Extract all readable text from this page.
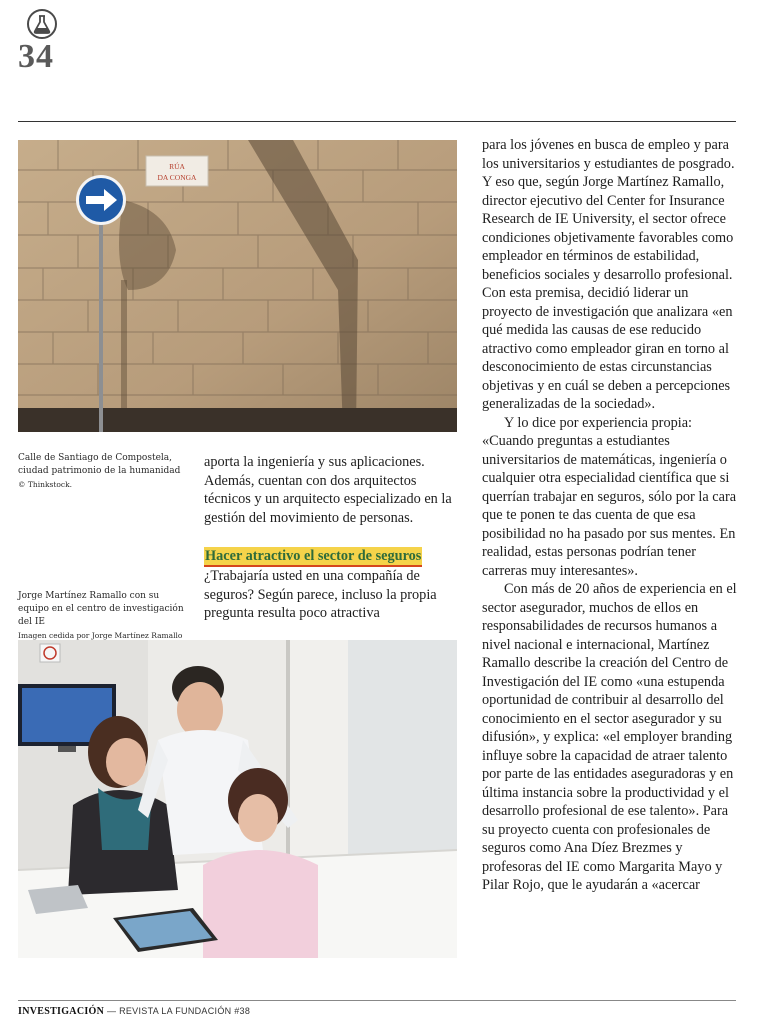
34
RÚA
DA CONGA
Calle de Santiago de Compostela, ciudad patrimonio de la humanidad
© Thinkstock.

aporta la ingeniería y sus aplicaciones. Además, cuentan con dos arquitectos técnicos y un arquitecto especializado en la gestión del movimiento de personas.

Hacer atractivo el sector de seguros

¿Trabajaría usted en una compañía de seguros? Según parece, incluso la propia pregunta resulta poco atractiva

Jorge Martínez Ramallo con su equipo en el centro de investigación del IE
Imagen cedida por Jorge Martínez Ramallo

para los jóvenes en busca de empleo y para los universitarios y estudiantes de posgrado. Y eso que, según Jorge Martínez Ramallo, director ejecutivo del Center for Insurance Research de IE University, el sector ofrece condiciones objetivamente favorables como empleador en términos de estabilidad, beneficios sociales y desarrollo profesional. Con esta premisa, decidió liderar un proyecto de investigación que analizara «en qué medida las causas de ese reducido atractivo como empleador giran en torno al desconocimiento de estas circunstancias objetivas y en cuál se deben a percepciones generalizadas de la sociedad».

Y lo dice por experiencia propia: «Cuando preguntas a estudiantes universitarios de matemáticas, ingeniería o cualquier otra especialidad científica que si querrían trabajar en seguros, sólo por la cara que te ponen te das cuenta de que esa posibilidad no ha pasado por sus mentes. En realidad, estas personas podrían tener carreras muy interesantes».

Con más de 20 años de experiencia en el sector asegurador, muchos de ellos en responsabilidades de recursos humanos a nivel nacional e internacional, Martínez Ramallo describe la creación del Centro de Investigación del IE como «una estupenda oportunidad de contribuir al desarrollo del conocimiento en el sector asegurador y su difusión», y explica: «el employer branding influye sobre la capacidad de atraer talento por parte de las entidades aseguradoras y en última instancia sobre la productividad y el desarrollo profesional de ese talento». Para su proyecto cuenta con profesionales de seguros como Ana Díez Brezmes y profesoras del IE como Margarita Mayo y Pilar Rojo, que le ayudarán a «acercar

INVESTIGACIÓN — REVISTA LA FUNDACIÓN #38
